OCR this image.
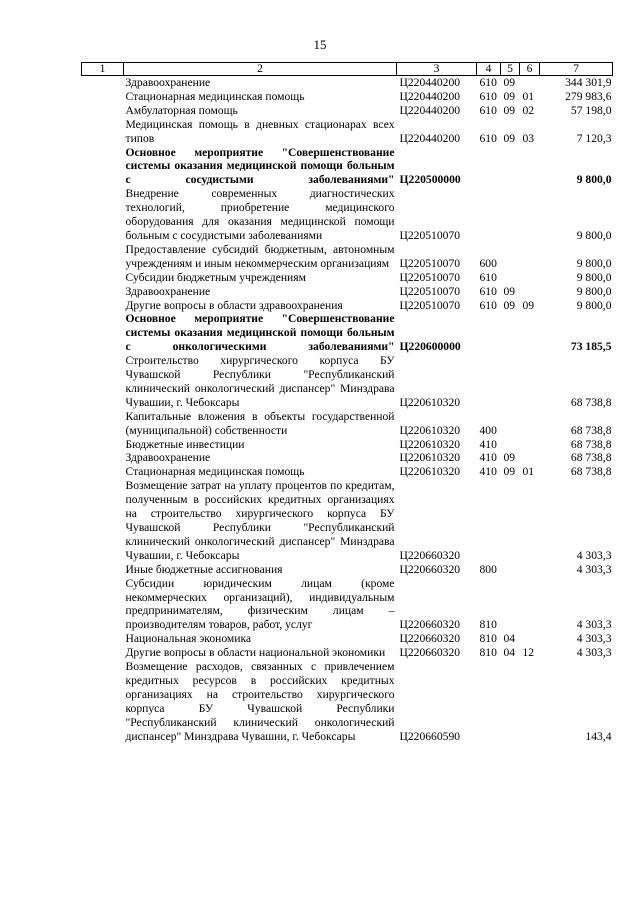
15
1	2	3	4	5	6	7
	Здравоохранение	Ц220440200	610	09		344 301,9
	Стационарная медицинская помощь	Ц220440200	610	09	01	279 983,6
	Амбулаторная помощь	Ц220440200	610	09	02	57 198,0
	Медицинская помощь в дневных стационарах всех типов	Ц220440200	610	09	03	7 120,3
	Основное мероприятие "Совершенствование системы оказания медицинской помощи больным с сосудистыми заболеваниями"	Ц220500000				9 800,0
	Внедрение современных диагностических технологий, приобретение медицинского оборудования для оказания медицинской помощи больным с сосудистыми заболеваниями	Ц220510070				9 800,0
	Предоставление субсидий бюджетным, автономным учреждениям и иным некоммерческим организациям	Ц220510070	600			9 800,0
	Субсидии бюджетным учреждениям	Ц220510070	610			9 800,0
	Здравоохранение	Ц220510070	610	09		9 800,0
	Другие вопросы в области здравоохранения	Ц220510070	610	09	09	9 800,0
	Основное мероприятие "Совершенствование системы оказания медицинской помощи больным с онкологическими заболеваниями"	Ц220600000				73 185,5
	Строительство хирургического корпуса БУ Чувашской Республики "Республиканский клинический онкологический диспансер" Минздрава Чувашии, г. Чебоксары	Ц220610320				68 738,8
	Капитальные вложения в объекты государственной (муниципальной) собственности	Ц220610320	400			68 738,8
	Бюджетные инвестиции	Ц220610320	410			68 738,8
	Здравоохранение	Ц220610320	410	09		68 738,8
	Стационарная медицинская помощь	Ц220610320	410	09	01	68 738,8
	Возмещение затрат на уплату процентов по кредитам, полученным в российских кредитных организациях на строительство хирургического корпуса БУ Чувашской Республики "Республиканский клинический онкологический диспансер" Минздрава Чувашии, г. Чебоксары	Ц220660320				4 303,3
	Иные бюджетные ассигнования	Ц220660320	800			4 303,3
	Субсидии юридическим лицам (кроме некоммерческих организаций), индивидуальным предпринимателям, физическим лицам – производителям товаров, работ, услуг	Ц220660320	810			4 303,3
	Национальная экономика	Ц220660320	810	04		4 303,3
	Другие вопросы в области национальной экономики	Ц220660320	810	04	12	4 303,3
	Возмещение расходов, связанных с привлечением кредитных ресурсов в российских кредитных организациях на строительство хирургического корпуса БУ Чувашской Республики "Республиканский клинический онкологический диспансер" Минздрава Чувашии, г. Чебоксары	Ц220660590				143,4
